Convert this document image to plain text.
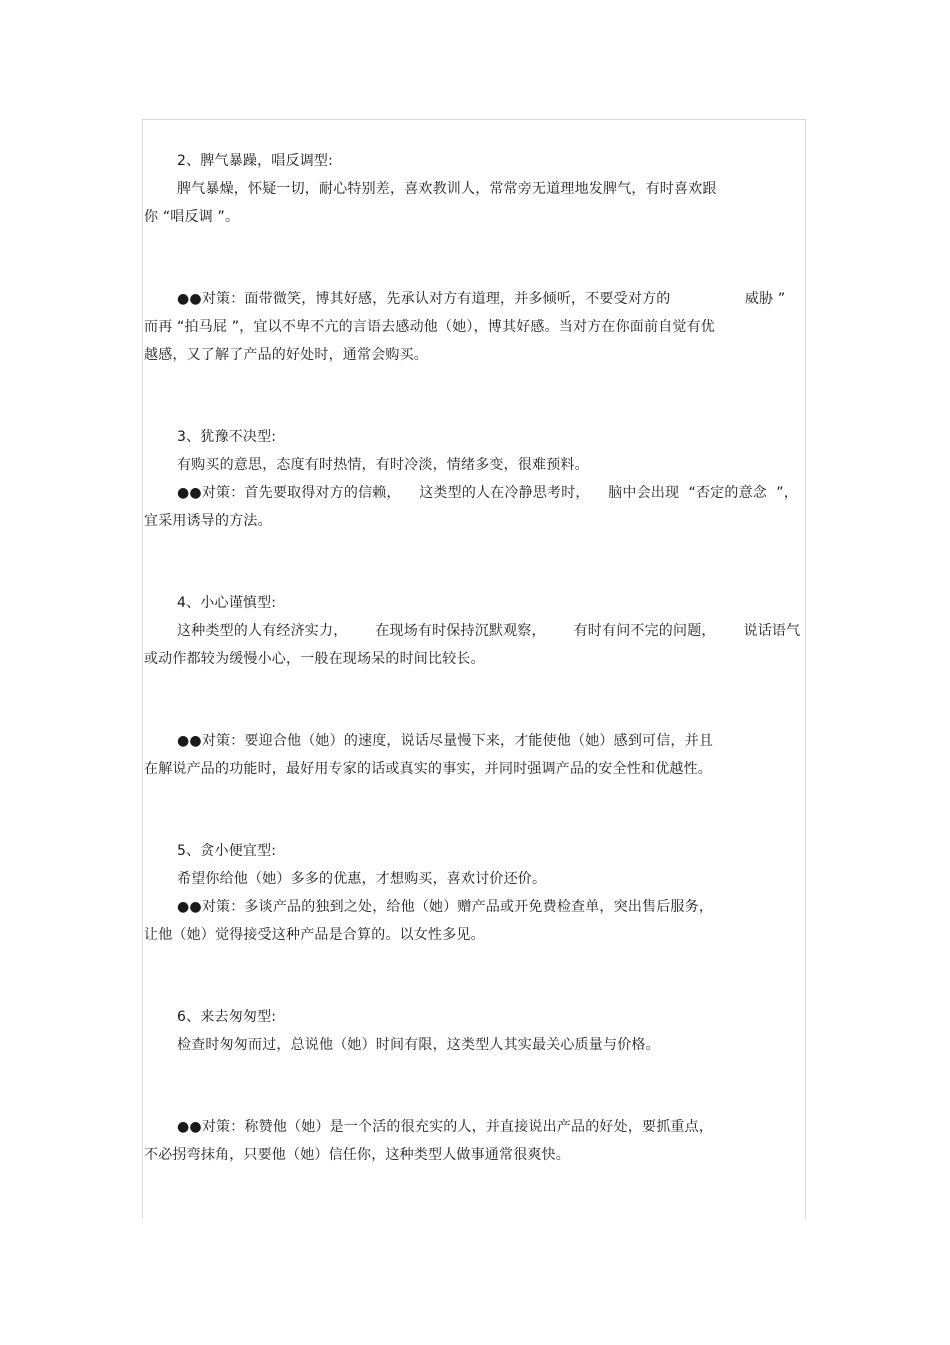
2、脾气暴躁，唱反调型:
脾气暴燥，怀疑一切，耐心特别差，喜欢教训人，常常旁无道理地发脾气，有时喜欢跟
你 “唱反调 ”。
●●对策：面带微笑，博其好感，先承认对方有道理，并多倾听，不要受对方的                威胁 ”
而再 “拍马屁 ”，宜以不卑不亢的言语去感动他（她），博其好感。当对方在你面前自觉有优
越感，又了解了产品的好处时，通常会购买。
3、犹豫不决型:
有购买的意思，态度有时热情，有时冷淡，情绪多变，很难预料。
●●对策：首先要取得对方的信赖，    这类型的人在冷静思考时，    脑中会出现  “否定的意念  ”，
宜采用诱导的方法。
4、小心谨慎型:
这种类型的人有经济实力，      在现场有时保持沉默观察，      有时有问不完的问题，      说话语气
或动作都较为缓慢小心，一般在现场呆的时间比较长。
●●对策：要迎合他（她）的速度，说话尽量慢下来，才能使他（她）感到可信，并且
在解说产品的功能时，最好用专家的话或真实的事实，并同时强调产品的安全性和优越性。
5、贪小便宜型:
希望你给他（她）多多的优惠，才想购买，喜欢讨价还价。
●●对策：多谈产品的独到之处，给他（她）赠产品或开免费检查单，突出售后服务，
让他（她）觉得接受这种产品是合算的。以女性多见。
6、来去匆匆型:
检查时匆匆而过，总说他（她）时间有限，这类型人其实最关心质量与价格。
●●对策：称赞他（她）是一个活的很充实的人，并直接说出产品的好处，要抓重点，
不必拐弯抹角，只要他（她）信任你，这种类型人做事通常很爽快。
